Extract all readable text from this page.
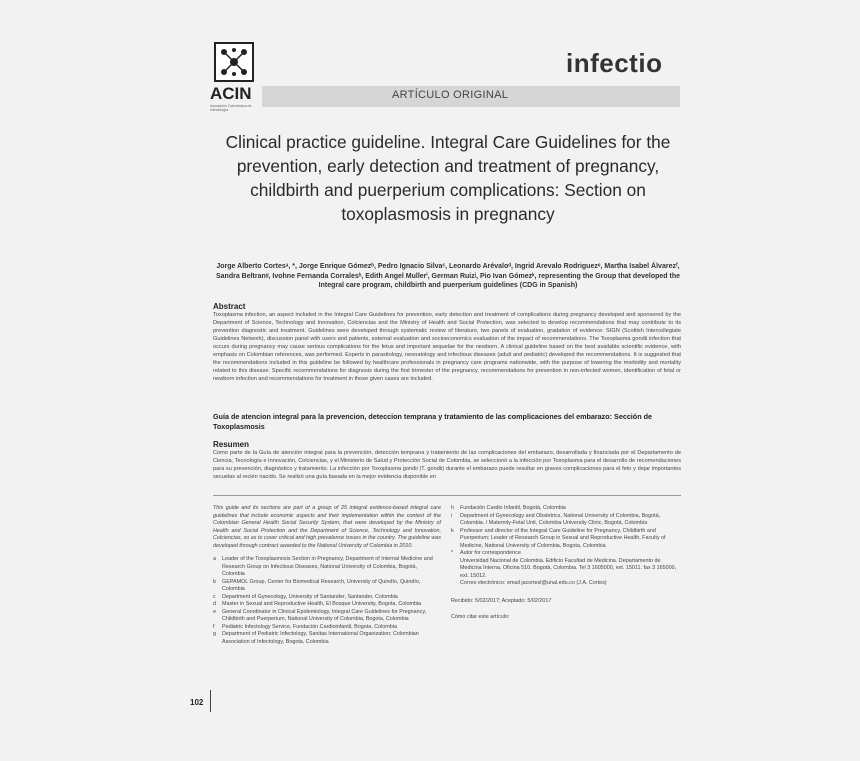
ACIN
Asociación Colombiana de Infectología
infectio
ARTÍCULO ORIGINAL
Clinical practice guideline. Integral Care Guidelines for the prevention, early detection and treatment of pregnancy, childbirth and puerperium complications: Section on toxoplasmosis in pregnancy
Jorge Alberto Cortesᵃ, *, Jorge Enrique Gómezᵇ, Pedro Ignacio Silvaᶜ, Leonardo Arévaloᵈ, Ingrid Arevalo Rodriguezᵉ, Martha Isabel Álvarezᶠ, Sandra Beltranᵍ, Ivohne Fernanda Corralesʰ, Edith Angel Mullerⁱ, German Ruizʲ, Pio Ivan Gómezᵏ, representing the Group that developed the Integral care program, childbirth and puerperium guidelines (CDG in Spanish)
Abstract
Toxoplasma infection, an aspect included in the Integral Care Guidelines for prevention, early detection and treatment of complications during pregnancy developed and sponsored by the Department of Science, Technology and Innovation, Colciencias and the Ministry of Health and Social Protection, was selected to develop recommendations that may contribute to its prevention diagnostic and treatment. Guidelines were developed through systematic review of literature, two panels of evaluation, gradation of evidence: SIGN (Scottish Intercollegiate Guidelines Network), discussion panel with users and patients, external evaluation and socioeconomics evaluation of the impact of recommendations. The Toxoplasma gondii infection that occurs during pregnancy may cause serious complications for the fetus and important sequelae for the newborn. A clinical guideline based on the best available scientific evidence, with emphasis on Colombian references, was performed. Experts in parasitology, neonatology and infectious diseases (adult and pediatric) developed the recommendations. It is suggested that the recommendations included in this guideline be followed by healthcare professionals in pregnancy care programs nationwide, with the purpose of lowering the morbidity and mortality related to this disease. Specific recommendations for diagnosis during the first trimester of the pregnancy, recommendations for prevention in non-infected women, identification of fetal or newborn infection and recommendations for treatment in those given cases are included.
Guía de atencion integral para la prevencion, deteccion temprana y tratamiento de las complicaciones del embarazo: Sección de Toxoplasmosis
Resumen
Como parte de la Guía de atención integral para la prevención, detección temprana y tratamiento de las complicaciones del embarazo, desarrollada y financiada por el Departamento de Ciencia, Tecnología e Innovación, Colciencias, y el Ministerio de Salud y Protección Social de Colombia, se seleccionó a la infección por Toxoplasma para el desarrollo de recomendaciones para su prevención, diagnóstico y tratamiento. La infección por Toxoplasma gondii (T. gondii) durante el embarazo puede resultar en graves complicaciones para el feto y dejar importantes secuelas al recién nacido. Se realizó una guía basada en la mejor evidencia disponible en
This guide and its sections are part of a group of 25 integral evidence-based integral care guidelines that include economic aspects and their implementation within the context of the Colombian General Health Social Security System, that were developed by the Ministry of Health and Social Protection and the Department of Science, Technology and Innovation, Colciencias, so as to cover critical and high prevalence issues in the country. The guideline was developed through contract awarded to the National University of Colombia in 2010.
a	Leader of the Toxoplasmosis Section in Pregnancy, Department of Internal Medicine and Research Group on Infectious Diseases, National University of Colombia, Bogotá, Colombia
b	GEPAMOL Group, Center for Biomedical Research, University of Quindío, Quindío, Colombia
c	Department of Gynecology, University of Santander, Santander, Colombia
d	Master in Sexual and Reproductive Health, El Bosque University, Bogota, Colombia
e	General Coordinator in Clinical Epidemiology, Integral Care Guidelines for Pregnancy, Childbirth and Puerperium, National University of Colombia, Bogota, Colombia
f	Pediatric Infectology Service, Fundación Cardioinfantil, Bogota, Colombia
g	Department of Pediatric Infectology, Sanitas International Organization; Colombian Association of Infectology, Bogota, Colombia
h	Fundación Cardio Infantil, Bogotá, Colombia
i	Department of Gynecology and Obstetrics, National University of Colombia, Bogotá, Colombia. / Maternity-Fetal Unit, Colombia University Clinic, Bogotá, Colombia
k	Professor and director of the Integral Care Guideline for Pregnancy, Childbirth and Puerperium; Leader of Research Group in Sexual and Reproductive Health, Faculty of Medicine, National University of Colombia, Bogota, Colombia
*	Autor for correspondence
Universidad Nacional de Colombia. Edificio Facultad de Medicina. Departamento de Medicina Interna, Oficina 510. Bogotá, Colombia. Tel 3 1605000, ext. 15011. fax 3 165000, ext. 15012.
Correo electrónico: email jacortesl@unal.edu.co (J.A. Cortes)
Recibido: 5/02/2017; Aceptado: 5/02/2017
Cómo citar este artículo:
102
